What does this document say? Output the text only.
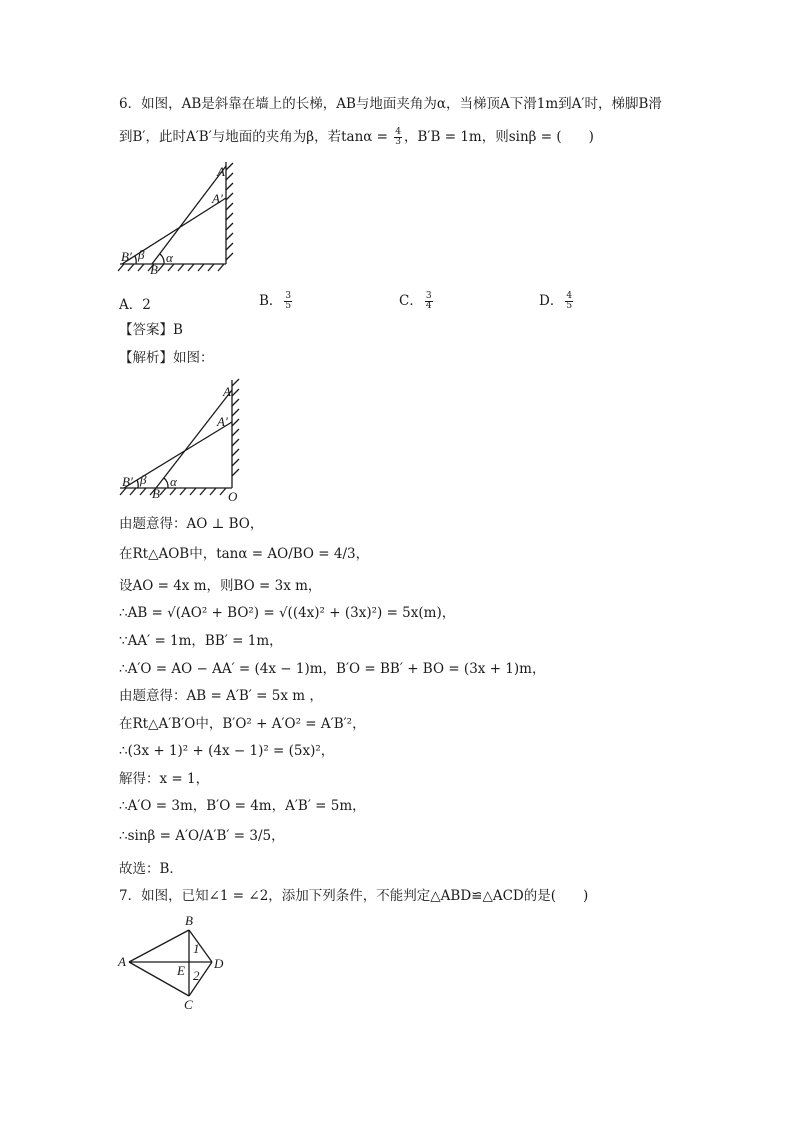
6．如图，AB是斜靠在墙上的长梯，AB与地面夹角为α，当梯顶A下滑1m到A′时，梯脚B滑
到B′，此时A′B′与地面的夹角为β，若$\tan\alpha = \frac{4}{3}$ ，B′B = 1m，则sinβ = (　　)
A
A′
B′ β
B
α
A．2	B． $\frac{3}{5}$	C． $\frac{3}{4}$	D． $\frac{4}{5}$
【答案】B
【解析】如图：
A
A′
B′ β
B
α
O
由题意得：AO ⊥ BO，
在Rt△AOB中，tanα = AO/BO = 4/3，
设AO = 4x m，则BO = 3x m，
∴AB = √(AO² + BO²) = √((4x)² + (3x)²) = 5x(m)，
∵AA′ = 1m，BB′ = 1m，
∴A′O = AO − AA′ = (4x − 1)m，B′O = BB′ + BO = (3x + 1)m，
由题意得：AB = A′B′ = 5x m ，
在Rt△A′B′O中，B′O² + A′O² = A′B′²，
∴(3x + 1)² + (4x − 1)² = (5x)²，
解得：x = 1，
∴A′O = 3m，B′O = 4m，A′B′ = 5m，
∴sinβ = A′O/A′B′ = 3/5，
故选：B．
7．如图，已知∠1 = ∠2，添加下列条件，不能判定△ABD≌△ACD的是(　　)
B
1
A
E D
2
C
